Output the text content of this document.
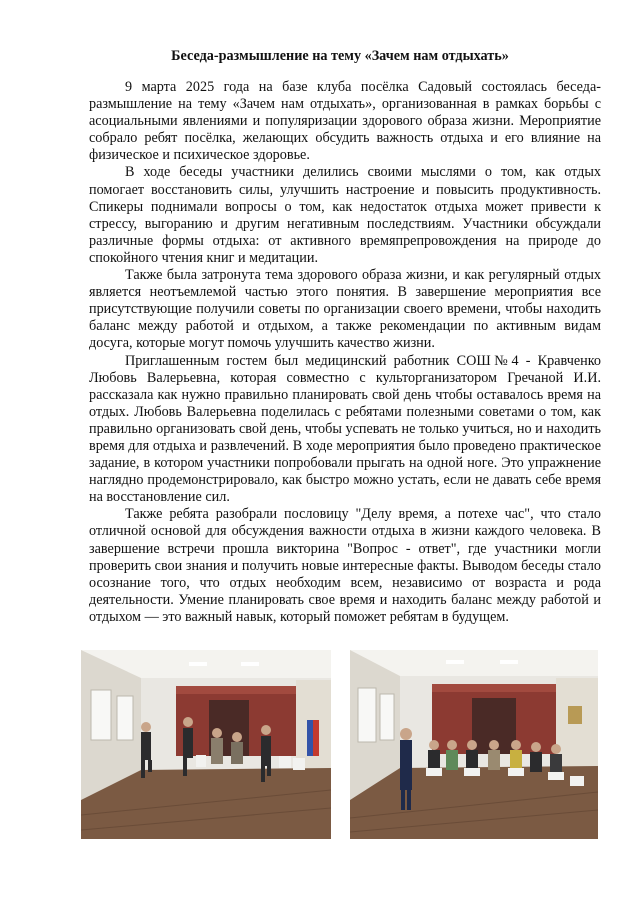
Беседа-размышление на тему «Зачем нам отдыхать»

9 марта 2025 года на базе клуба посёлка Садовый состоялась беседа-размышление на тему «Зачем нам отдыхать», организованная в рамках борьбы с асоциальными явлениями и популяризации здорового образа жизни. Мероприятие собрало ребят посёлка, желающих обсудить важность отдыха и его влияние на физическое и психическое здоровье.

В ходе беседы участники делились своими мыслями о том, как отдых помогает восстановить силы, улучшить настроение и повысить продуктивность. Спикеры поднимали вопросы о том, как недостаток отдыха может привести к стрессу, выгоранию и другим негативным последствиям. Участники обсуждали различные формы отдыха: от активного времяпрепровождения на природе до спокойного чтения книг и медитации.

Также была затронута тема здорового образа жизни, и как регулярный отдых является неотъемлемой частью этого понятия. В завершение мероприятия все присутствующие получили советы по организации своего времени, чтобы находить баланс между работой и отдыхом, а также рекомендации по активным видам досуга, которые могут помочь улучшить качество жизни.

Приглашенным гостем был медицинский работник СОШ№4 - Кравченко Любовь Валерьевна, которая совместно с культорганизатором Гречаной И.И. рассказала как нужно правильно планировать свой день чтобы оставалось время на отдых. Любовь Валерьевна поделилась с ребятами полезными советами о том, как правильно организовать свой день, чтобы успевать не только учиться, но и находить время для отдыха и развлечений. В ходе мероприятия было проведено практическое задание, в котором участники попробовали прыгать на одной ноге. Это упражнение наглядно продемонстрировало, как быстро можно устать, если не давать себе время на восстановление сил.

Также ребята разобрали пословицу "Делу время, а потехе час", что стало отличной основой для обсуждения важности отдыха в жизни каждого человека. В завершение встречи прошла викторина "Вопрос - ответ", где участники могли проверить свои знания и получить новые интересные факты. Выводом беседы стало осознание того, что отдых необходим всем, независимо от возраста и рода деятельности. Умение планировать свое время и находить баланс между работой и отдыхом — это важный навык, который поможет ребятам в будущем.
